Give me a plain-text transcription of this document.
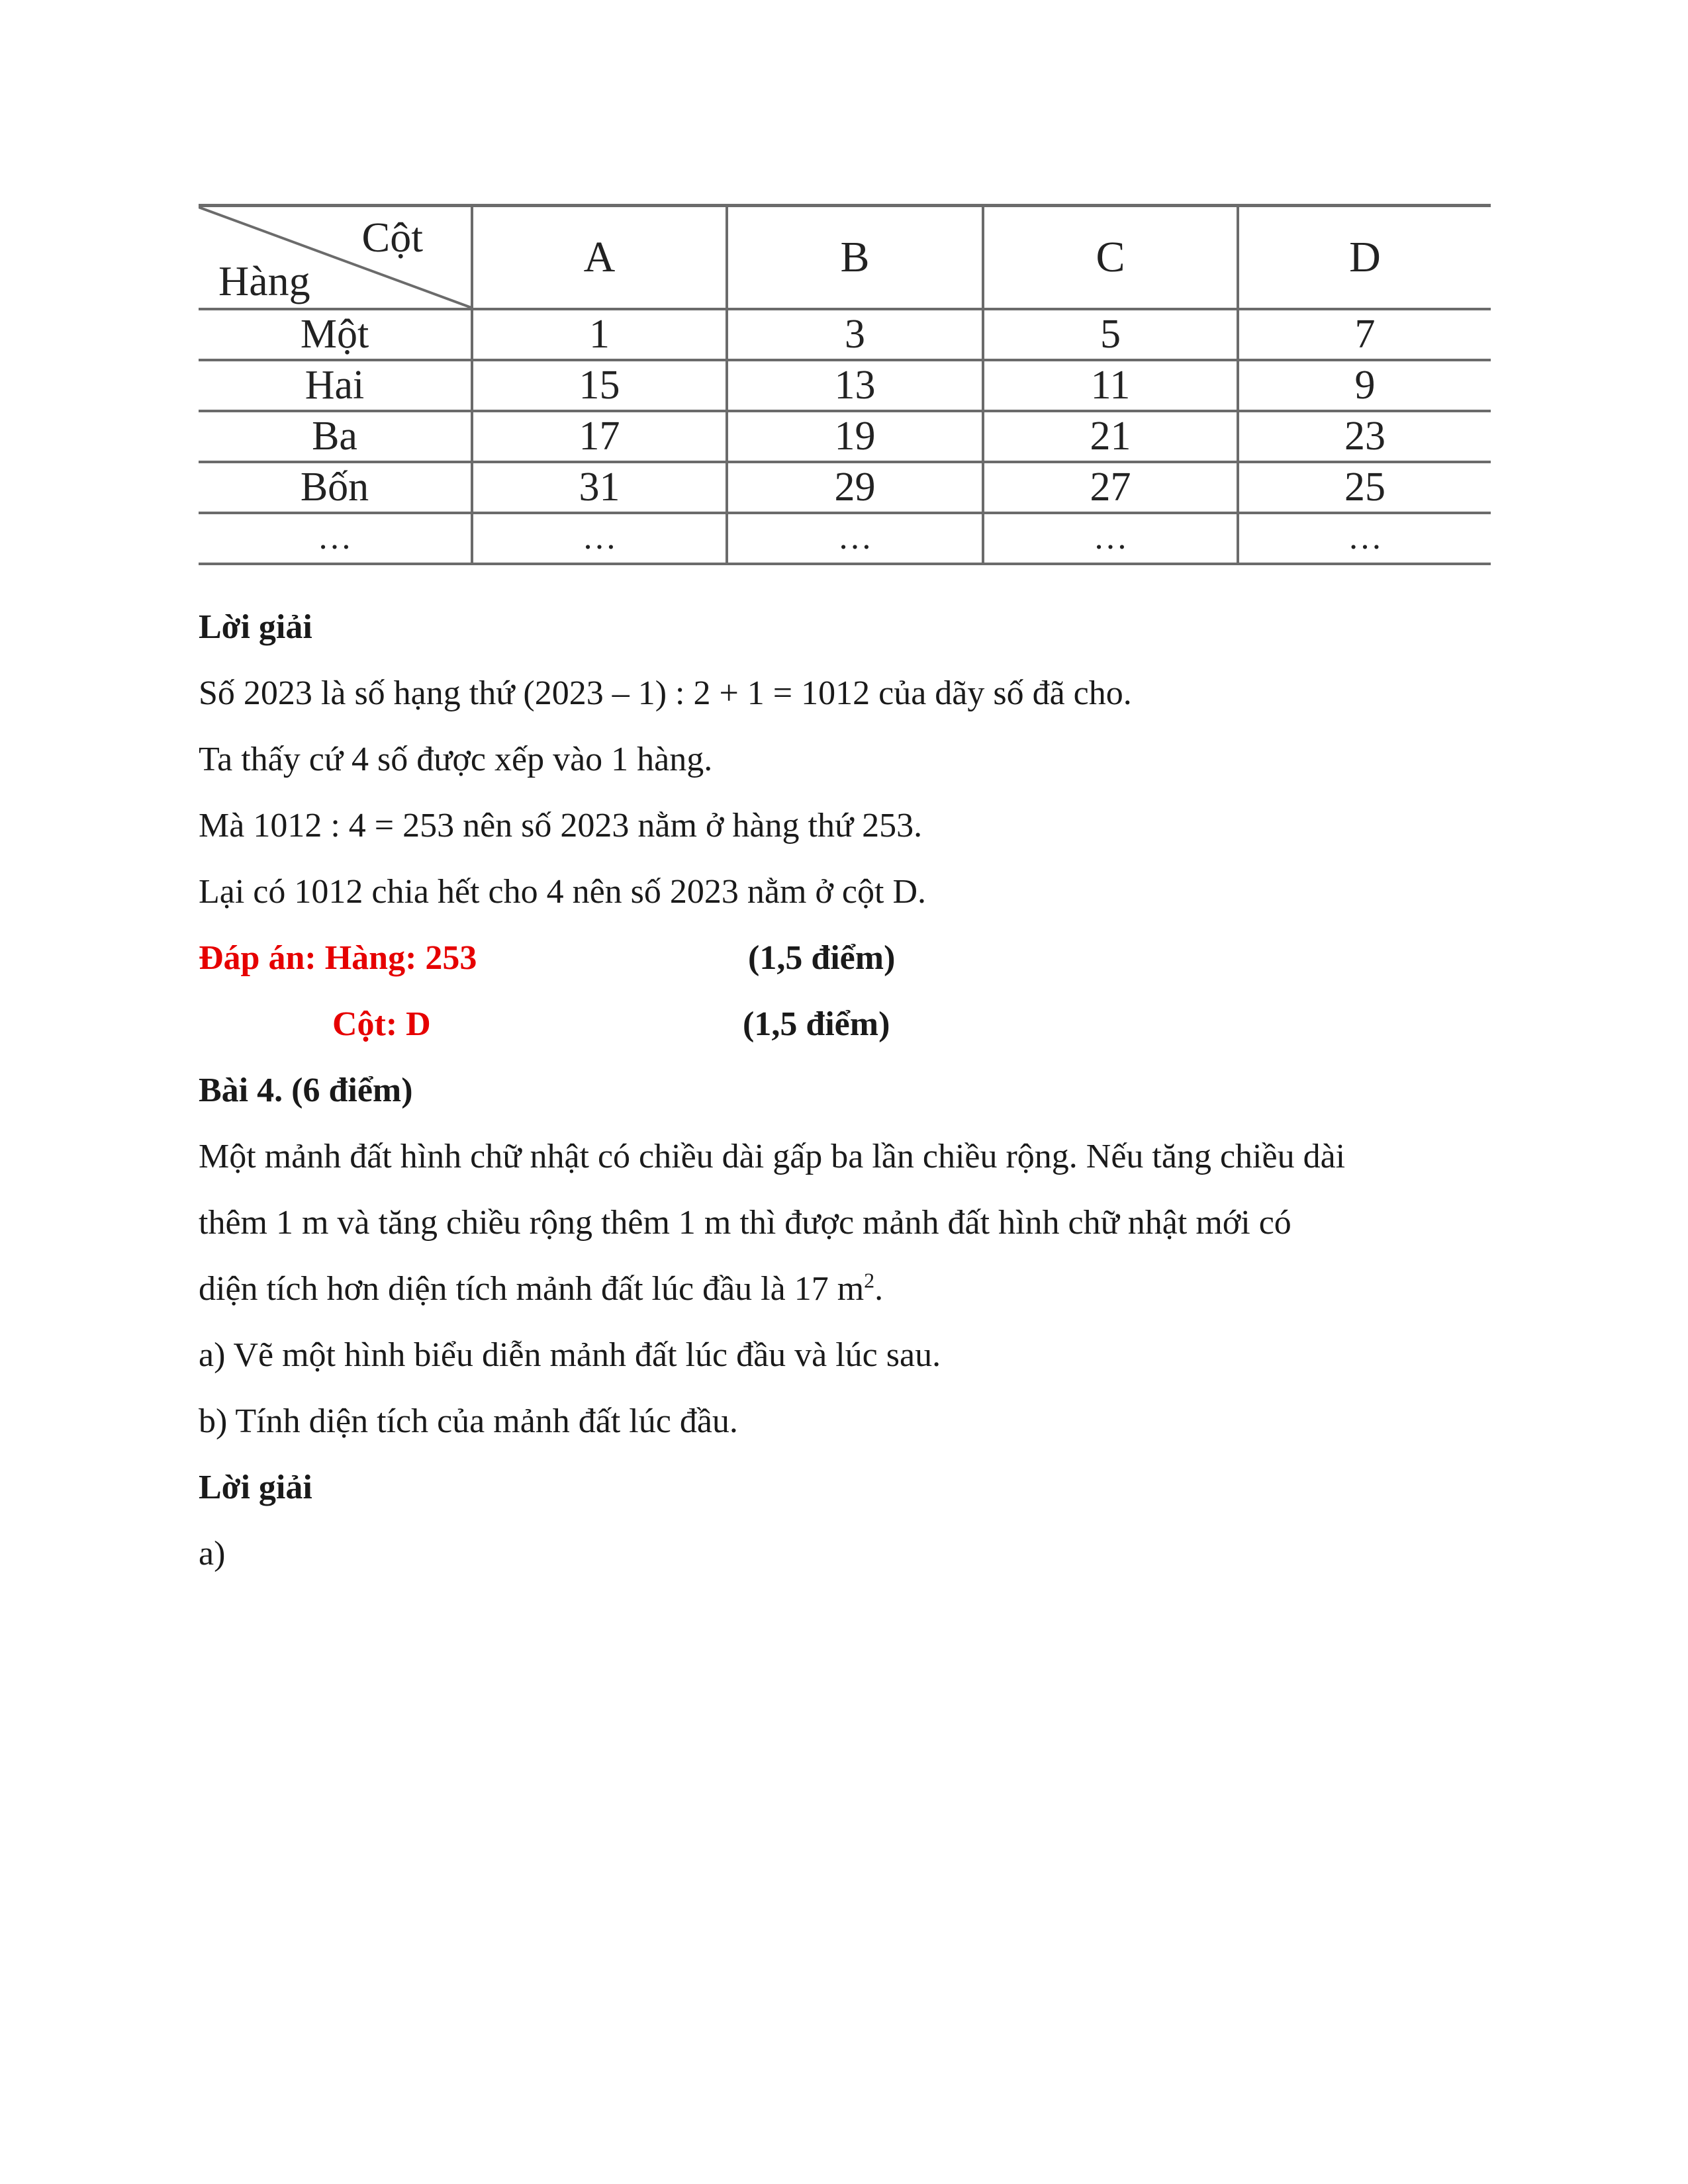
Cột
Hàng	A	B	C	D
Một	1	3	5	7
Hai	15	13	11	9
Ba	17	19	21	23
Bốn	31	29	27	25
…	…	…	…	…
Lời giải
Số 2023 là số hạng thứ (2023 – 1) : 2 + 1 = 1012 của dãy số đã cho.
Ta thấy cứ 4 số được xếp vào 1 hàng.
Mà 1012 : 4 = 253 nên số 2023 nằm ở hàng thứ 253.
Lại có 1012 chia hết cho 4 nên số 2023 nằm ở cột D.
Đáp án: Hàng: 253	(1,5 điểm)
Cột: D	(1,5 điểm)
Bài 4. (6 điểm)
Một mảnh đất hình chữ nhật có chiều dài gấp ba lần chiều rộng. Nếu tăng chiều dài
thêm 1 m và tăng chiều rộng thêm 1 m thì được mảnh đất hình chữ nhật mới có
diện tích hơn diện tích mảnh đất lúc đầu là 17 $m^2$.
a) Vẽ một hình biểu diễn mảnh đất lúc đầu và lúc sau.
b) Tính diện tích của mảnh đất lúc đầu.
Lời giải
a)
